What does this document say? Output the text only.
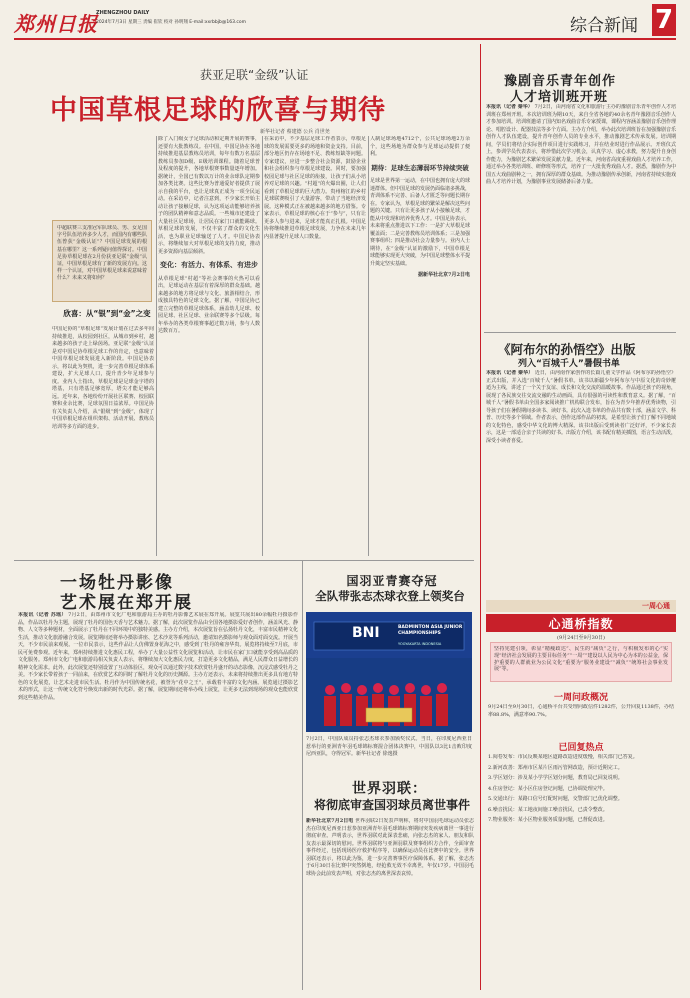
郑州日报
ZHENGZHOU DAILY
2024年7月3日 星期三 责编 崔钦 校对 孙明翔 E-mail:xxrbbjb@163.com	综合新闻 7
获亚足联“金级”认证
中国草根足球的欣喜与期待
新华社记者 蔡建德 公兵 肖世尧
中超联赛三支准冠军队球员、男、女足国字号队伍培养多少人才，而国内有哪些队伍曾获“金级认证”？中国足球发展的根基在哪里？这一系列疑问值得探讨。中国足协草根足球在2月份获亚足联“金级”认证，中国草根足球有了新的发展方向。这样一个认证，对中国草根足球来说意味着什么？未来又将如何？
欣喜：从“银”到“金”之变
中国足协的“草根足球”发展计划在过去多年间持续推进，从校园到社区，从城市到乡村，越来越多的孩子走上绿茵场。亚足联“金级”认证是对中国足协草根足球工作的肯定，也意味着中国草根足球发展进入新阶段。中国足协表示，将以此为契机，进一步完善草根足球体系建设，扩大足球人口，提升青少年足球参与度。业内人士指出，草根足球是足球金字塔的塔基，只有塔基足够宽厚，塔尖才能足够高远。近年来，各地纷纷开展社区联赛、校园联赛和业余比赛，足球氛围日益浓厚。中国足协有关负责人介绍，从“银级”到“金级”，体现了中国草根足球在组织架构、活动开展、教练员培训等多方面的进步。
除了入门级女子足球活动和定期开展的赛事，还要有大批教练员。在中国，中国足协在各地持续推进基层教练员培训，每年有数万名基层教练员参加D级、E级培训课程。随着足球普及程度的提升，各地草根赛事数量逐年增加。据统计，全国已有数以万计的业余球队定期参加各类比赛。这些比赛为普通爱好者提供了展示自我的平台，也让足球真正成为一项全民运动。在采访中，记者注意到，不少家长开始主动让孩子接触足球，认为这项运动能够培养孩子的团队精神和意志品质。一些城市还建设了大量社区足球场，让居民在家门口就能踢球。草根足球的发展，不仅丰富了群众的文化生活，也为职业足球输送了人才。中国足协表示，将继续加大对草根足球的支持力度，推动更多资源向基层倾斜。
变化：有活力、有体系、有进步
从草根足球“村超”等社会赛事的火热可以看出，足球运动在基层有着深厚的群众基础。越来越多的地方将足球与文化、旅游相结合，形成独具特色的足球文化。据了解，中国足协已建立完整的草根足球体系，涵盖幼儿足球、校园足球、社区足球、业余联赛等多个层级。每年举办的各类草根赛事超过数万场，参与人数达数百万。
在采访中，不少基层足球工作者表示，草根足球的发展需要更多的场地和资金支持。目前，部分地区仍存在场地不足、教练短缺等问题。专家建议，应进一步整合社会资源，鼓励企业和社会组织参与草根足球建设。同时，要加强校园足球与社区足球的衔接，让孩子们从小培养对足球的兴趣。“村超”的火爆出圈，让人们看到了草根足球的巨大潜力。贵州榕江的乡村足球联赛吸引了大量游客，带动了当地经济发展。这种模式正在被越来越多的地方借鉴。专家表示，草根足球的核心在于“参与”，只有让更多人参与进来，足球才能真正扎根。中国足协将继续推进草根足球发展，力争在未来几年内显著提升足球人口数量。
人制足球场地4712个，公共足球场地2万余个，这些场地为群众参与足球运动提供了便利。
期待：足球生态薄弱环节持续突破
足球是世界第一运动，在中国也拥有庞大的球迷群体。但中国足球的发展仍面临诸多挑战，青训体系不完善、后备人才匮乏等问题长期存在。专家认为，草根足球的繁荣是解决这些问题的关键。只有让更多孩子从小接触足球，才能从中发现和培养优秀人才。中国足协表示，未来将重点推进以下工作：一是扩大草根足球覆盖面；二是完善教练员培训体系；三是加强赛事组织；四是推动社会力量参与。业内人士期待，在“金级”认证的激励下，中国草根足球能够实现更大突破，为中国足球整体水平提升奠定坚实基础。
据新华社北京7月2日电
一场牡丹影像
艺术展在郑开展
本报讯（记者 苏瑶） 7月2日，由郑州市文化广电和旅游局主办的牡丹影像艺术展在郑开展。展览共展出80余幅牡丹摄影作品，作品以牡丹为主题，展现了牡丹的国色天香与艺术魅力。据了解，此次展览作品由全国各地摄影爱好者创作，涵盖风光、静物、人文等多种题材，全面展示了牡丹在不同环境中的独特美感。主办方介绍，本次展览旨在弘扬牡丹文化，丰富市民精神文化生活，推动文化旅游融合发展。展览期间还将举办摄影讲座、艺术沙龙等系列活动，邀请知名摄影师与观众面对面交流。开展当天，不少市民前来观展。一位市民表示，这些作品让人仿佛置身花海之中，感受到了牡丹的雍容华贵。展览将持续至7月底，市民可免费参观。近年来，郑州持续推进文化惠民工程，举办了大量公益性文化展览和活动，让市民在家门口就能享受到高品质的文化服务。郑州市文化广电和旅游局相关负责人表示，将继续加大文化惠民力度，打造更多文化精品，满足人民群众日益增长的精神文化需求。此外，此次展览还特别设置了互动体验区，观众可以通过数字技术欣赏牡丹盛开的动态影像，沉浸式感受牡丹之美。不少家长带着孩子一同前来，在欣赏艺术的同时了解牡丹文化的历史渊源。主办方还表示，未来将持续推出更多具有地方特色的文化展览，让艺术走进市民生活。牡丹作为中国传统名花，被誉为“花中之王”，承载着丰富的文化内涵。展览通过摄影艺术的形式，让这一传统文化符号焕发出新的时代光彩。据了解，展览期间还将举办线上展览，让更多无法到现场的观众也能欣赏到这些精美作品。
国羽亚青赛夺冠
全队带张志杰球衣登上领奖台
BNI	BADMINTON ASIA JUNIOR CHAMPIONSHIPS
YOGYAKARTA INDONESIA
7月2日，中国队成员持张志杰球衣参加颁奖仪式。当日，在印度尼西亚日惹举行的亚洲青年羽毛球锦标赛混合团体决赛中，中国队以3比1击败印度尼西亚队，夺得冠军。新华社记者 徐逸摄
世界羽联：
将彻底审查国羽球员离世事件
新华社北京7月2日电 世界羽联2日发表声明称，将对中国羽毛球运动员张志杰在印度尼西亚日惹参加亚洲青年羽毛球锦标赛期间突发疾病离世一事进行彻底审查。声明表示，世界羽联对此深表悲痛，向张志杰的家人、朋友和队友表示最深切的慰问。世界羽联将与亚洲羽联及赛事组织方合作，全面审查事件经过，包括现场医疗救护程序等，以确保运动员在比赛中的安全。世界羽联还表示，将以此为鉴，进一步完善赛事医疗保障体系。据了解，张志杰于6月30日在比赛中突然倒地，经抢救无效不幸离世，年仅17岁。中国羽毛球协会此前发表声明，对张志杰的离世深表哀悼。
豫剧音乐青年创作
人才培训班开班
本报讯（记者 秦华） 7月2日，由河南省文化和旅游厅主办的豫剧音乐青年创作人才培训班在郑州开班。本次培训班为期10天，来自全省各地的40余名青年豫剧音乐创作人才参加培训。培训班邀请了国内知名戏曲音乐专家授课，课程内容涵盖豫剧音乐创作理论、唱腔设计、配器技法等多个方面。主办方介绍，举办此次培训班旨在加强豫剧音乐创作人才队伍建设，提升青年创作人员的专业水平，推动豫剧艺术传承发展。培训期间，学员们将结合实际创作项目进行实践练习，并在结业时进行作品展示。开班仪式上，参训学员代表表示，将珍惜此次学习机会，认真学习、虚心求教，努力提升自身创作能力，为豫剧艺术繁荣发展贡献力量。近年来，河南省高度重视戏曲人才培养工作，通过举办各类培训班、研修班等形式，培养了一大批优秀戏曲人才。据悉，豫剧作为中国五大戏曲剧种之一，拥有深厚的群众基础。为推动豫剧传承创新，河南省持续实施戏曲人才培养计划，为豫剧事业发展储备后备力量。
《阿布尔的孙悟空》出版
列入“百城千人”暑假书单
本报讯（记者 秦华） 近日，由河南作家创作的长篇儿童文学作品《阿布尔的孙悟空》正式出版，并入选“百城千人”暑假书单。该书以新疆少年阿布尔与中原文化的奇妙邂逅为主线，讲述了一个关于友谊、成长和文化交流的温暖故事。作品通过孩子的视角，展现了各民族交往交流交融的生动画面，具有很强的可读性和教育意义。据了解，“百城千人”暑假书单由全国多家阅读推广机构联合发布，旨在为青少年推荐优秀读物，引导孩子们在暑假期间多读书、读好书。此次入选书单的作品共有数十部，涵盖文学、科普、历史等多个领域。作者表示，创作这部作品的初衷，是希望让孩子们了解不同地域的文化特色，感受中华文化的博大精深。该书出版后受到读者广泛好评，不少家长表示，这是一部适合亲子共读的好书。出版方介绍，该书配有精美插图，语言生动活泼，深受小读者喜爱。
一周心通
心通桥指数
(9月24日至9月30日)
坚持宪建引领，彰显“精瘦政达”、民生的“减负”之行，与积极发布的心“实现”经济社会发展的主要目标任务”“一周”“建设以人民为中心为本的公益金，保护重要的人群就业为公民文化”重要为“服务业建设”“减负”“统筹社会事业发展”等。
一周问政概况
9月24日至9月30日，心通桥平台共受理问政信件1282件，公开回复1138件，办结率88.8%，满意率90.7%。
已回复热点
1.阅卷发布：市民反映某地区道路改造进度缓慢，相关部门已答复。
2.新河改善：郑州市区某片区雨污管网改造，预计近期完工。
3.学区划分：涉及某小学学区划分问题，教育局已回复说明。
4.住房登记：某小区住房登记问题，已协调处理完毕。
5.交通出行：某路口信号灯配时问题，交警部门已优化调整。
6.噪音扰民：某工地夜间施工噪音扰民，已责令整改。
7.物业服务：某小区物业服务质量问题，已督促改进。
